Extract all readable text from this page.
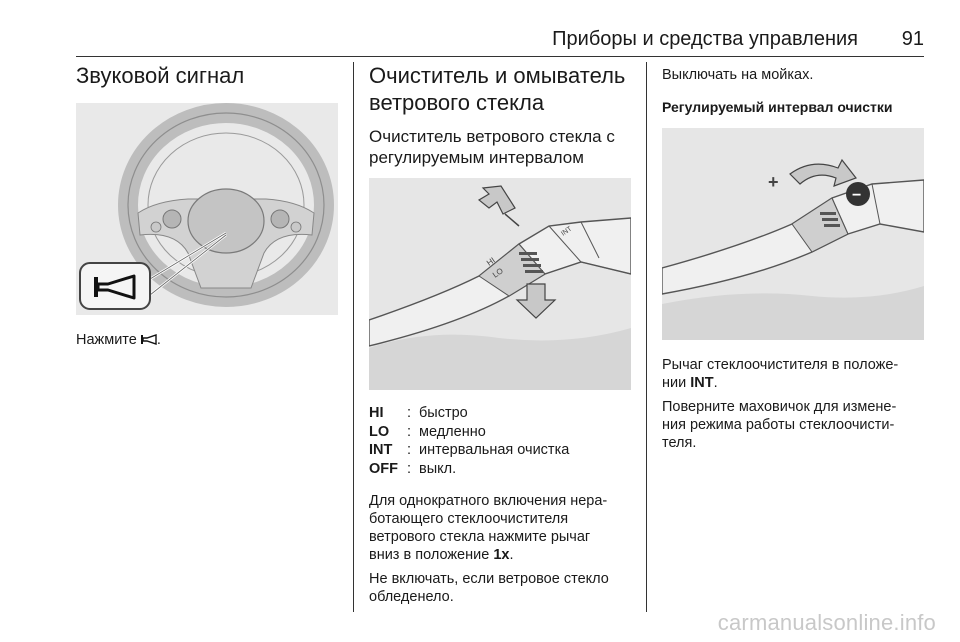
Приборы и средства управления 91
Звуковой сигнал

Нажмите .

Очиститель и омыватель
ветрового стекла
Очиститель ветрового стекла с
регулируемым интервалом
HI
LO
INT
HI	: быстро
LO	: медленно
INT	: интервальная очистка
OFF : выкл.

Для однократного включения нера-
ботающего стеклоочистителя
ветрового стекла нажмите рычаг
вниз в положение 1x.

Не включать, если ветровое стекло
обледенело.

Выключать на мойках.

Регулируемый интервал очистки
+
−

Рычаг стеклоочистителя в положе-
нии INT.

Поверните маховичок для измене-
ния режима работы стеклоочисти-
теля.

carmanualsonline.info
